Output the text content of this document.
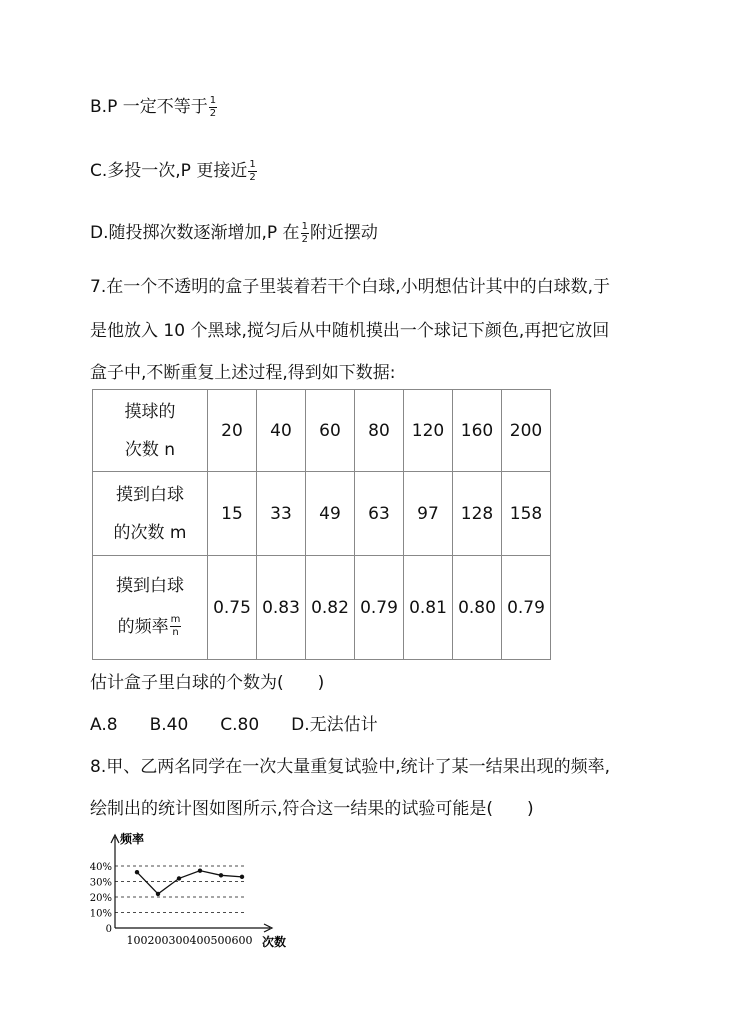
B.P 一定不等于 $\frac{1}{2}$
C.多投一次,P 更接近 $\frac{1}{2}$
D.随投掷次数逐渐增加,P 在 $\frac{1}{2}$ 附近摆动
7.在一个不透明的盒子里装着若干个白球,小明想估计其中的白球数,于
是他放入 10 个黑球,搅匀后从中随机摸出一个球记下颜色,再把它放回
盒子中,不断重复上述过程,得到如下数据:
摸球的
次数 n	20	40	60	80	120	160	200

摸到白球
的次数 m	15	33	49	63	97	128	158

摸到白球
的频率 $\frac{m}{n}$	0.75	0.83	0.82	0.79	0.81	0.80	0.79
估计盒子里白球的个数为(　　)
A.8 B.40 C.80 D.无法估计
8.甲、乙两名同学在一次大量重复试验中,统计了某一结果出现的频率,
绘制出的统计图如图所示,符合这一结果的试验可能是(　　)
0
10%
20%
30%
40%
100 200 300 400 500 600
频率
次数
